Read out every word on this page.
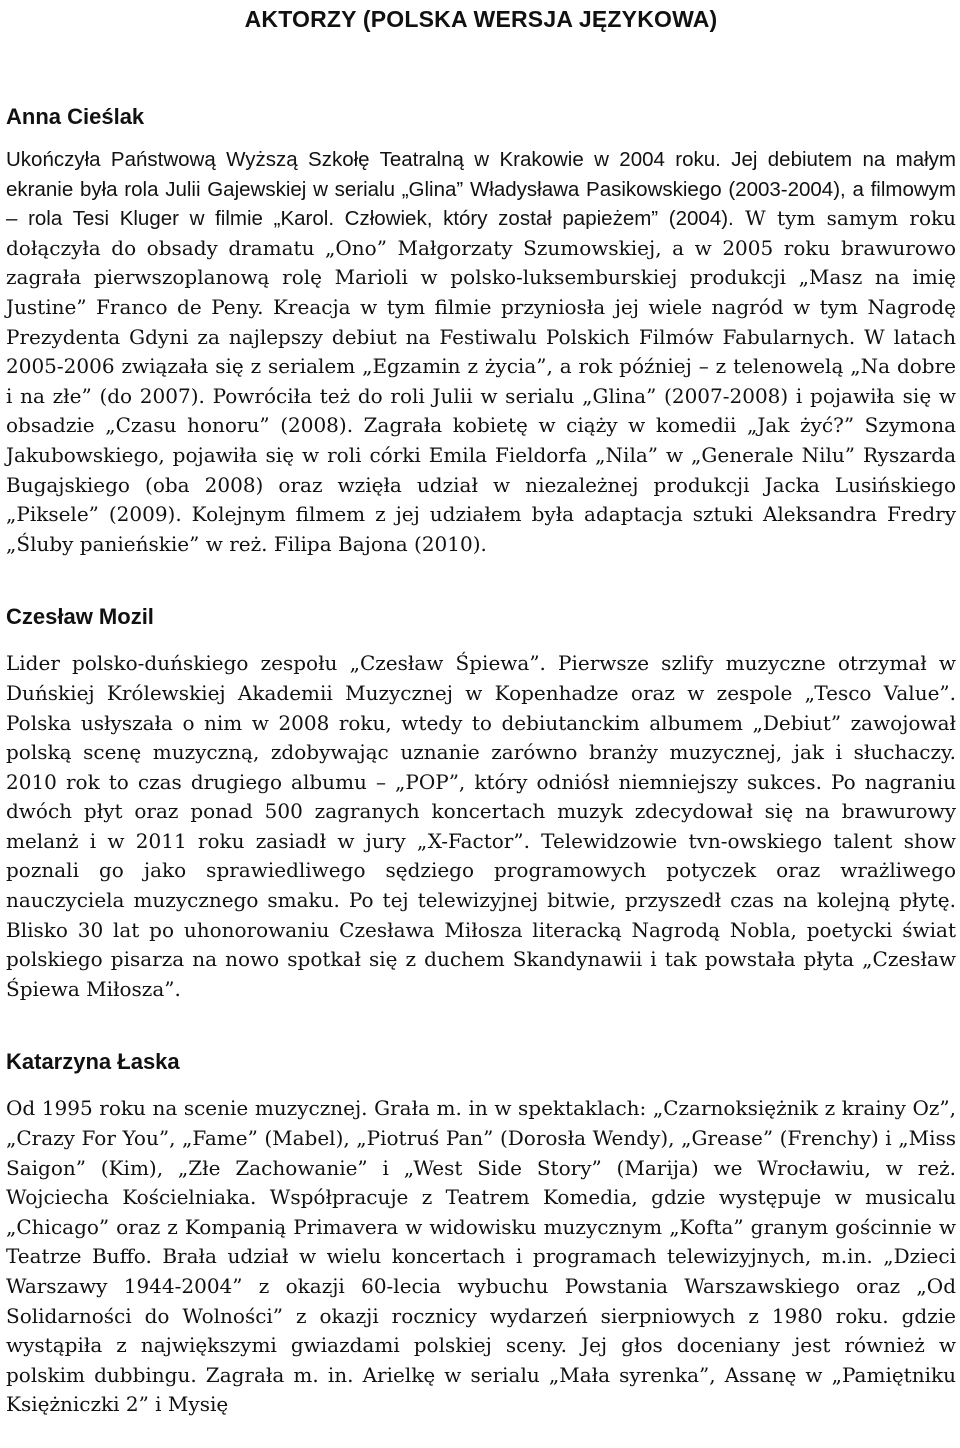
AKTORZY (POLSKA WERSJA JĘZYKOWA)
Anna Cieślak

Ukończyła Państwową Wyższą Szkołę Teatralną w Krakowie w 2004 roku. Jej debiutem na małym ekranie była rola Julii Gajewskiej w serialu „Glina” Władysława Pasikowskiego (2003-2004), a filmowym – rola Tesi Kluger w filmie „Karol. Człowiek, który został papieżem” (2004). W tym samym roku dołączyła do obsady dramatu „Ono” Małgorzaty Szumowskiej, a w 2005 roku brawurowo zagrała pierwszoplanową rolę Marioli w polsko-luksemburskiej produkcji „Masz na imię Justine” Franco de Peny. Kreacja w tym filmie przyniosła jej wiele nagród w tym Nagrodę Prezydenta Gdyni za najlepszy debiut na Festiwalu Polskich Filmów Fabularnych. W latach 2005-2006 związała się z serialem „Egzamin z życia”, a rok później – z telenowelą „Na dobre i na złe” (do 2007). Powróciła też do roli Julii w serialu „Glina” (2007-2008) i pojawiła się w obsadzie „Czasu honoru” (2008). Zagrała kobietę w ciąży w komedii „Jak żyć?” Szymona Jakubowskiego, pojawiła się w roli córki Emila Fieldorfa „Nila” w „Generale Nilu” Ryszarda Bugajskiego (oba 2008) oraz wzięła udział w niezależnej produkcji Jacka Lusińskiego „Piksele” (2009). Kolejnym filmem z jej udziałem była adaptacja sztuki Aleksandra Fredry „Śluby panieńskie” w reż. Filipa Bajona (2010).

Czesław Mozil

Lider polsko-duńskiego zespołu „Czesław Śpiewa”. Pierwsze szlify muzyczne otrzymał w Duńskiej Królewskiej Akademii Muzycznej w Kopenhadze oraz w zespole „Tesco Value”. Polska usłyszała o nim w 2008 roku, wtedy to debiutanckim albumem „Debiut” zawojował polską scenę muzyczną, zdobywając uznanie zarówno branży muzycznej, jak i słuchaczy. 2010 rok to czas drugiego albumu – „POP”, który odniósł niemniejszy sukces. Po nagraniu dwóch płyt oraz ponad 500 zagranych koncertach muzyk zdecydował się na brawurowy melanż i w 2011 roku zasiadł w jury „X-Factor”. Telewidzowie tvn-owskiego talent show poznali go jako sprawiedliwego sędziego programowych potyczek oraz wrażliwego nauczyciela muzycznego smaku. Po tej telewizyjnej bitwie, przyszedł czas na kolejną płytę. Blisko 30 lat po uhonorowaniu Czesława Miłosza literacką Nagrodą Nobla, poetycki świat polskiego pisarza na nowo spotkał się z duchem Skandynawii i tak powstała płyta „Czesław Śpiewa Miłosza”.

Katarzyna Łaska

Od 1995 roku na scenie muzycznej. Grała m. in w spektaklach: „Czarnoksiężnik z krainy Oz”, „Crazy For You”, „Fame” (Mabel), „Piotruś Pan” (Dorosła Wendy), „Grease” (Frenchy) i „Miss Saigon” (Kim), „Złe Zachowanie” i „West Side Story” (Marija) we Wrocławiu, w reż. Wojciecha Kościelniaka. Współpracuje z Teatrem Komedia, gdzie występuje w musicalu „Chicago” oraz z Kompanią Primavera w widowisku muzycznym „Kofta” granym gościnnie w Teatrze Buffo. Brała udział w wielu koncertach i programach telewizyjnych, m.in. „Dzieci Warszawy 1944-2004” z okazji 60-lecia wybuchu Powstania Warszawskiego oraz „Od Solidarności do Wolności” z okazji rocznicy wydarzeń sierpniowych z 1980 roku. gdzie wystąpiła z największymi gwiazdami polskiej sceny. Jej głos doceniany jest również w polskim dubbingu. Zagrała m. in. Arielkę w serialu „Mała syrenka”, Assanę w „Pamiętniku Księżniczki 2” i Mysię
